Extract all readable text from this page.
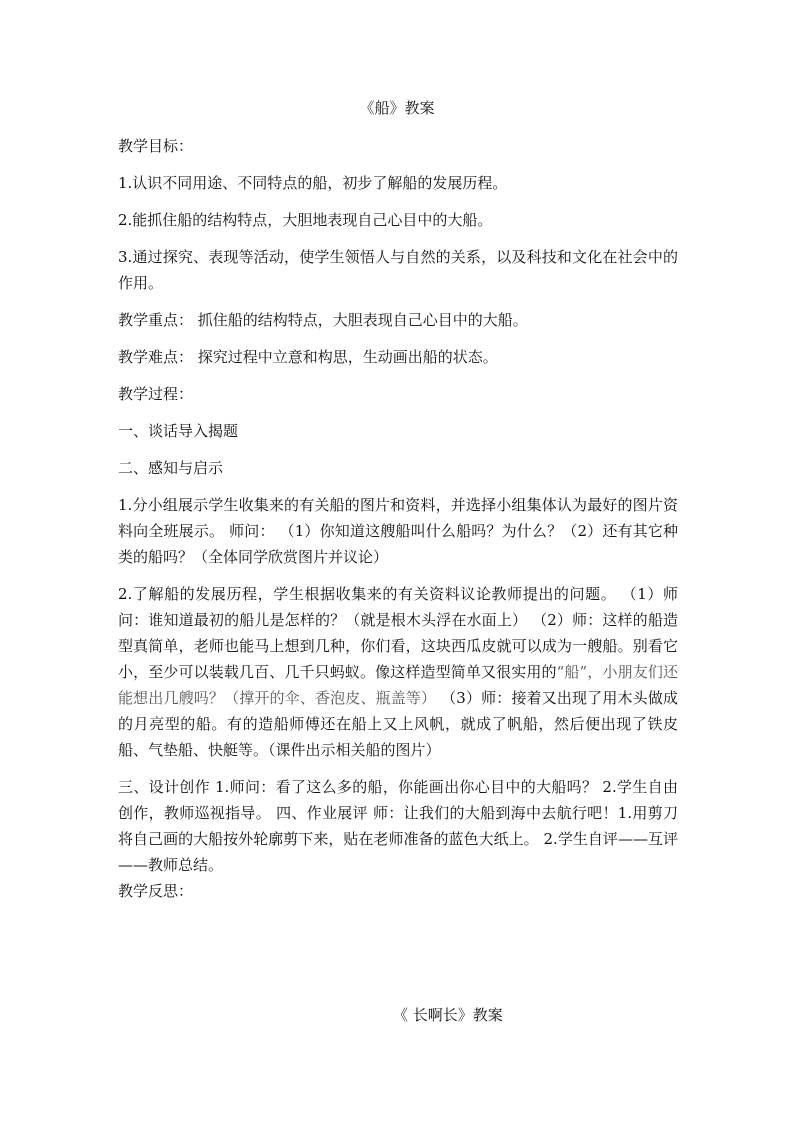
《船》教案

教学目标：

1.认识不同用途、不同特点的船，初步了解船的发展历程。

2.能抓住船的结构特点，大胆地表现自己心目中的大船。

3.通过探究、表现等活动，使学生领悟人与自然的关系，以及科技和文化在社会中的作用。

教学重点： 抓住船的结构特点，大胆表现自己心目中的大船。

教学难点： 探究过程中立意和构思，生动画出船的状态。

教学过程：

一、谈话导入揭题

二、感知与启示

1.分小组展示学生收集来的有关船的图片和资料，并选择小组集体认为最好的图片资料向全班展示。 师问： （1）你知道这艘船叫什么船吗？为什么？（2）还有其它种类的船吗？（全体同学欣赏图片并议论）

2.了解船的发展历程，学生根据收集来的有关资料议论教师提出的问题。 （1）师问：谁知道最初的船儿是怎样的？（就是根木头浮在水面上） （2）师：这样的船造型真简单，老师也能马上想到几种，你们看，这块西瓜皮就可以成为一艘船。别看它小，至少可以装载几百、几千只蚂蚁。像这样造型简单又很实用的“船”，小朋友们还能想出几艘吗？（撑开的伞、香泡皮、瓶盖等） （3）师：接着又出现了用木头做成的月亮型的船。有的造船师傅还在船上又上风帆，就成了帆船，然后便出现了铁皮船、气垫船、快艇等。（课件出示相关船的图片）

三、设计创作 1.师问：看了这么多的船，你能画出你心目中的大船吗？ 2.学生自由创作，教师巡视指导。 四、作业展评 师：让我们的大船到海中去航行吧！1.用剪刀将自己画的大船按外轮廓剪下来，贴在老师准备的蓝色大纸上。 2.学生自评——互评——教师总结。

教学反思：

《 长啊长》教案
